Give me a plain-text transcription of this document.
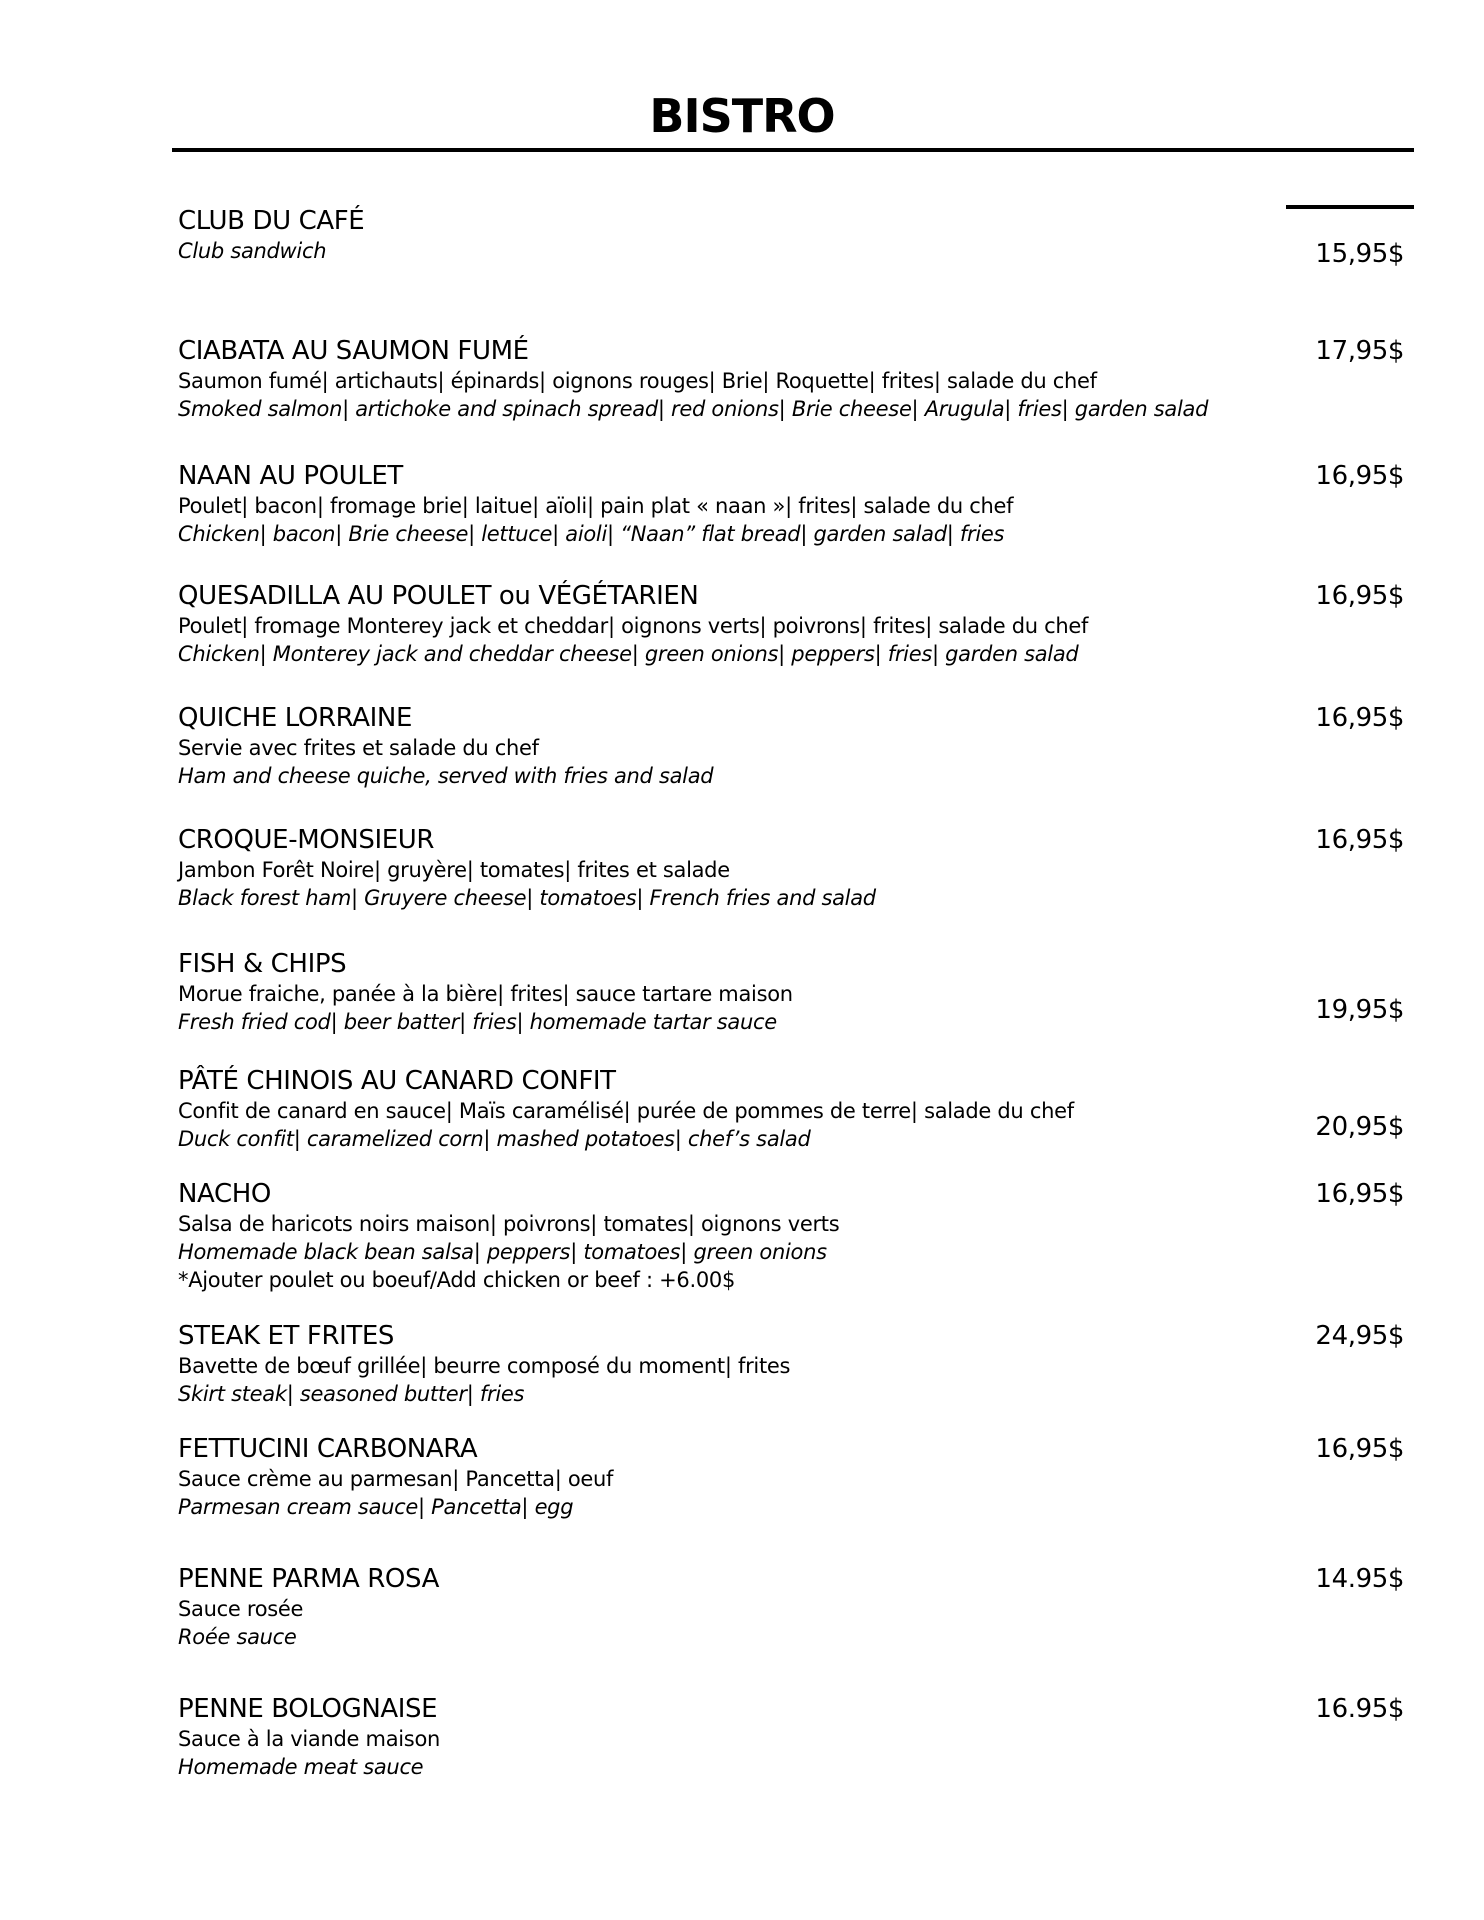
BISTRO
CLUB DU CAFÉ
Club sandwich	15,95$
CIABATA AU SAUMON FUMÉ
Saumon fumé| artichauts| épinards| oignons rouges| Brie| Roquette| frites| salade du chef
Smoked salmon| artichoke and spinach spread| red onions| Brie cheese| Arugula| fries| garden salad
17,95$
NAAN AU POULET
Poulet| bacon| fromage brie| laitue| aïoli| pain plat « naan »| frites| salade du chef
Chicken| bacon| Brie cheese| lettuce| aioli| “Naan” flat bread| garden salad| fries
16,95$
QUESADILLA AU POULET ou VÉGÉTARIEN
Poulet| fromage Monterey jack et cheddar| oignons verts| poivrons| frites| salade du chef
Chicken| Monterey jack and cheddar cheese| green onions| peppers| fries| garden salad
16,95$
QUICHE LORRAINE
Servie avec frites et salade du chef
Ham and cheese quiche, served with fries and salad
16,95$
CROQUE-MONSIEUR
Jambon Forêt Noire| gruyère| tomates| frites et salade
Black forest ham| Gruyere cheese| tomatoes| French fries and salad
16,95$
FISH & CHIPS
Morue fraiche, panée à la bière| frites| sauce tartare maison
Fresh fried cod| beer batter| fries| homemade tartar sauce	19,95$
PÂTÉ CHINOIS AU CANARD CONFIT
Confit de canard en sauce| Maïs caramélisé| purée de pommes de terre| salade du chef
Duck confit| caramelized corn| mashed potatoes| chef’s salad	20,95$
NACHO
Salsa de haricots noirs maison| poivrons| tomates| oignons verts
Homemade black bean salsa| peppers| tomatoes| green onions
*Ajouter poulet ou boeuf/Add chicken or beef : +6.00$
16,95$
STEAK ET FRITES
Bavette de bœuf grillée| beurre composé du moment| frites
Skirt steak| seasoned butter| fries
24,95$
FETTUCINI CARBONARA
Sauce crème au parmesan| Pancetta| oeuf
Parmesan cream sauce| Pancetta| egg
16,95$
PENNE PARMA ROSA
Sauce rosée
Roée sauce
14.95$
PENNE BOLOGNAISE
Sauce à la viande maison
Homemade meat sauce
16.95$
